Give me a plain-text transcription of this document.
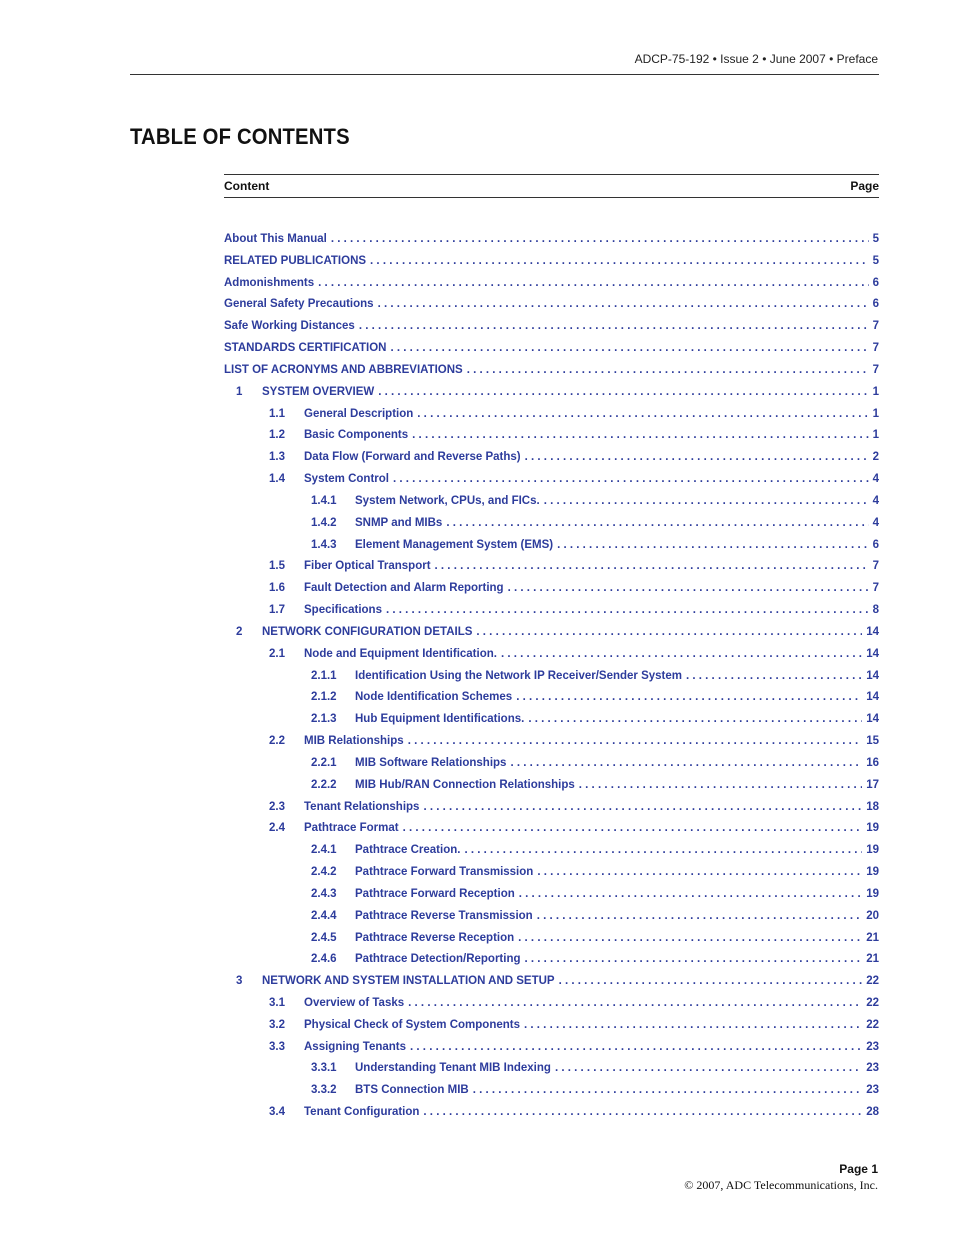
ADCP-75-192 • Issue 2 • June 2007 • Preface
TABLE OF CONTENTS
Content	Page
About This Manual . . .	5
RELATED PUBLICATIONS . . .	5
Admonishments . . .	6
General Safety Precautions . . .	6
Safe Working Distances . . .	7
STANDARDS CERTIFICATION . . .	7
LIST OF ACRONYMS AND ABBREVIATIONS . . .	7
1 SYSTEM OVERVIEW . . .	1
1.1 General Description . . .	1
1.2 Basic Components . . .	1
1.3 Data Flow (Forward and Reverse Paths) . . .	2
1.4 System Control . . .	4
1.4.1 System Network, CPUs, and FICs. . . .	4
1.4.2 SNMP and MIBs . . .	4
1.4.3 Element Management System (EMS) . . .	6
1.5 Fiber Optical Transport . . .	7
1.6 Fault Detection and Alarm Reporting . . .	7
1.7 Specifications . . .	8
2 NETWORK CONFIGURATION DETAILS . . .	14
2.1 Node and Equipment Identification. . . .	14
2.1.1 Identification Using the Network IP Receiver/Sender System . . .	14
2.1.2 Node Identification Schemes . . .	14
2.1.3 Hub Equipment Identifications. . . .	14
2.2 MIB Relationships . . .	15
2.2.1 MIB Software Relationships . . .	16
2.2.2 MIB Hub/RAN Connection Relationships . . .	17
2.3 Tenant Relationships . . .	18
2.4 Pathtrace Format . . .	19
2.4.1 Pathtrace Creation. . . .	19
2.4.2 Pathtrace Forward Transmission . . .	19
2.4.3 Pathtrace Forward Reception . . .	19
2.4.4 Pathtrace Reverse Transmission . . .	20
2.4.5 Pathtrace Reverse Reception . . .	21
2.4.6 Pathtrace Detection/Reporting . . .	21
3 NETWORK AND SYSTEM INSTALLATION AND SETUP . . .	22
3.1 Overview of Tasks . . .	22
3.2 Physical Check of System Components . . .	22
3.3 Assigning Tenants . . .	23
3.3.1 Understanding Tenant MIB Indexing . . .	23
3.3.2 BTS Connection MIB . . .	23
3.4 Tenant Configuration . . .	28
Page 1
© 2007, ADC Telecommunications, Inc.
